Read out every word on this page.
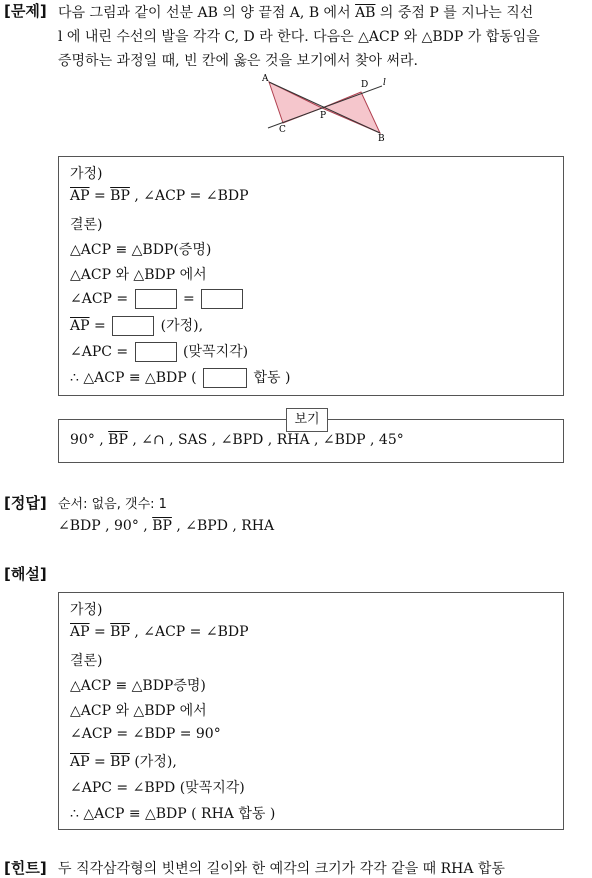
[문제] 다음 그림과 같이 선분 AB 의 양 끝점 A, B 에서 $\overline{AB}$ 의 중점 P 를 지나는 직선
l 에 내린 수선의 발을 각각 C, D 라 한다. 다음은 △ACP 와 △BDP 가 합동임을
증명하는 과정일 때, 빈 칸에 옳은 것을 보기에서 찾아 써라.
A
C
P
D l
B
가정)
$\overline{AP} = \overline{BP}$ , ∠ACP = ∠BDP
결론)
△ACP ≡ △BDP(증명)
△ACP 와 △BDP 에서
∠ACP =	=
$\overline{AP}$ =	(가정),
∠APC =	(맞꼭지각)
∴ △ACP ≡ △BDP (	합동 )
90° , $\overline{BP}$ , ∠∩ , SAS , ∠BPD , RHA , ∠BDP , 45°
보기
[정답] 순서: 없음, 갯수: 1
∠BDP , 90° , $\overline{BP}$ , ∠BPD , RHA
[해설]
가정)
$\overline{AP} = \overline{BP}$ , ∠ACP = ∠BDP
결론)
△ACP ≡ △BDP증명)
△ACP 와 △BDP 에서
∠ACP = ∠BDP = 90°
$\overline{AP} = \overline{BP}$ (가정),
∠APC = ∠BPD (맞꼭지각)
∴ △ACP ≡ △BDP ( RHA 합동 )
[힌트] 두 직각삼각형의 빗변의 길이와 한 예각의 크기가 각각 같을 때 RHA 합동
